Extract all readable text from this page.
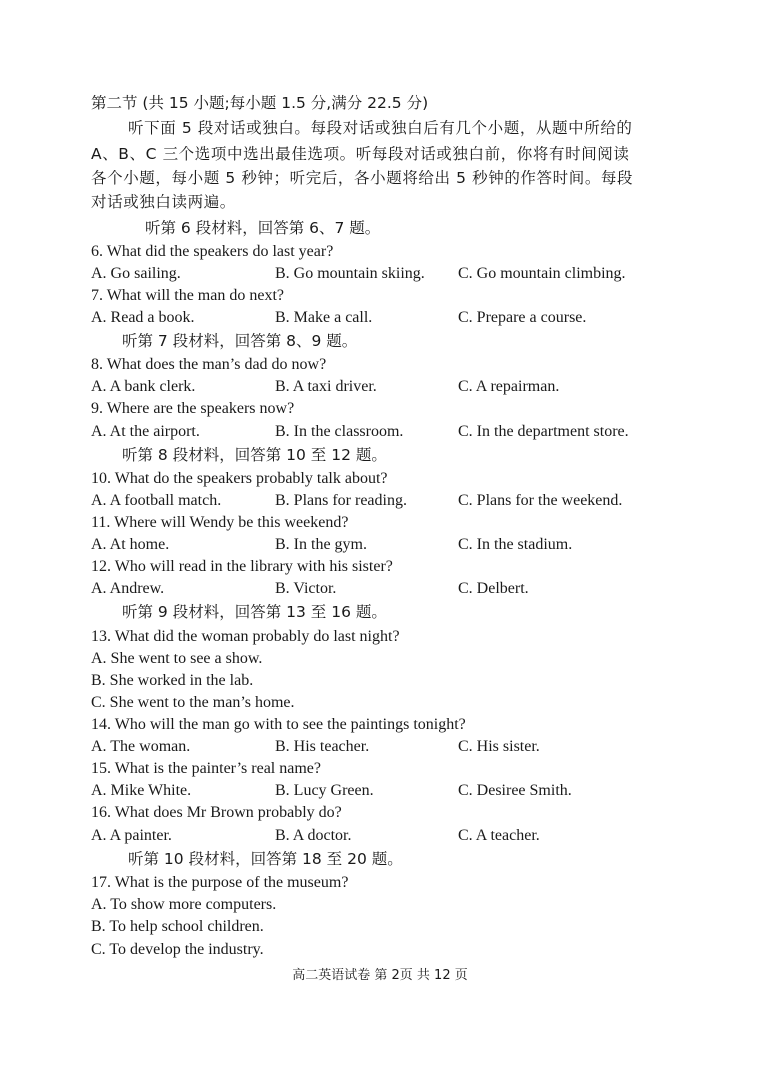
第二节 (共 15 小题;每小题 1.5 分,满分 22.5 分)
听下面 5 段对话或独白。每段对话或独白后有几个小题，从题中所给的
A、B、C 三个选项中选出最佳选项。听每段对话或独白前，你将有时间阅读
各个小题，每小题 5 秒钟；听完后，各小题将给出 5 秒钟的作答时间。每段
对话或独白读两遍。
听第 6 段材料，回答第 6、7 题。
6. What did the speakers do last year?
A. Go sailing.	B. Go mountain skiing. C. Go mountain climbing.
7. What will the man do next?
A. Read a book.	B. Make a call.	C. Prepare a course.
听第 7 段材料，回答第 8、9 题。
8. What does the man’s dad do now?
A. A bank clerk.	B. A taxi driver.	C. A repairman.
9. Where are the speakers now?
A. At the airport.	B. In the classroom.	C. In the department store.
听第 8 段材料，回答第 10 至 12 题。
10. What do the speakers probably talk about?
A. A football match.	B. Plans for reading.	C. Plans for the weekend.
11. Where will Wendy be this weekend?
A. At home.	B. In the gym.	C. In the stadium.
12. Who will read in the library with his sister?
A. Andrew.	B. Victor.	C. Delbert.
听第 9 段材料，回答第 13 至 16 题。
13. What did the woman probably do last night?
A. She went to see a show.
B. She worked in the lab.
C. She went to the man’s home.
14. Who will the man go with to see the paintings tonight?
A. The woman.	B. His teacher.	C. His sister.
15. What is the painter’s real name?
A. Mike White.	B. Lucy Green.	C. Desiree Smith.
16. What does Mr Brown probably do?
A. A painter.	B. A doctor.	C. A teacher.
听第 10 段材料，回答第 18 至 20 题。
17. What is the purpose of the museum?
A. To show more computers.
B. To help school children.
C. To develop the industry.
高二英语试卷 第 2页 共 12 页
